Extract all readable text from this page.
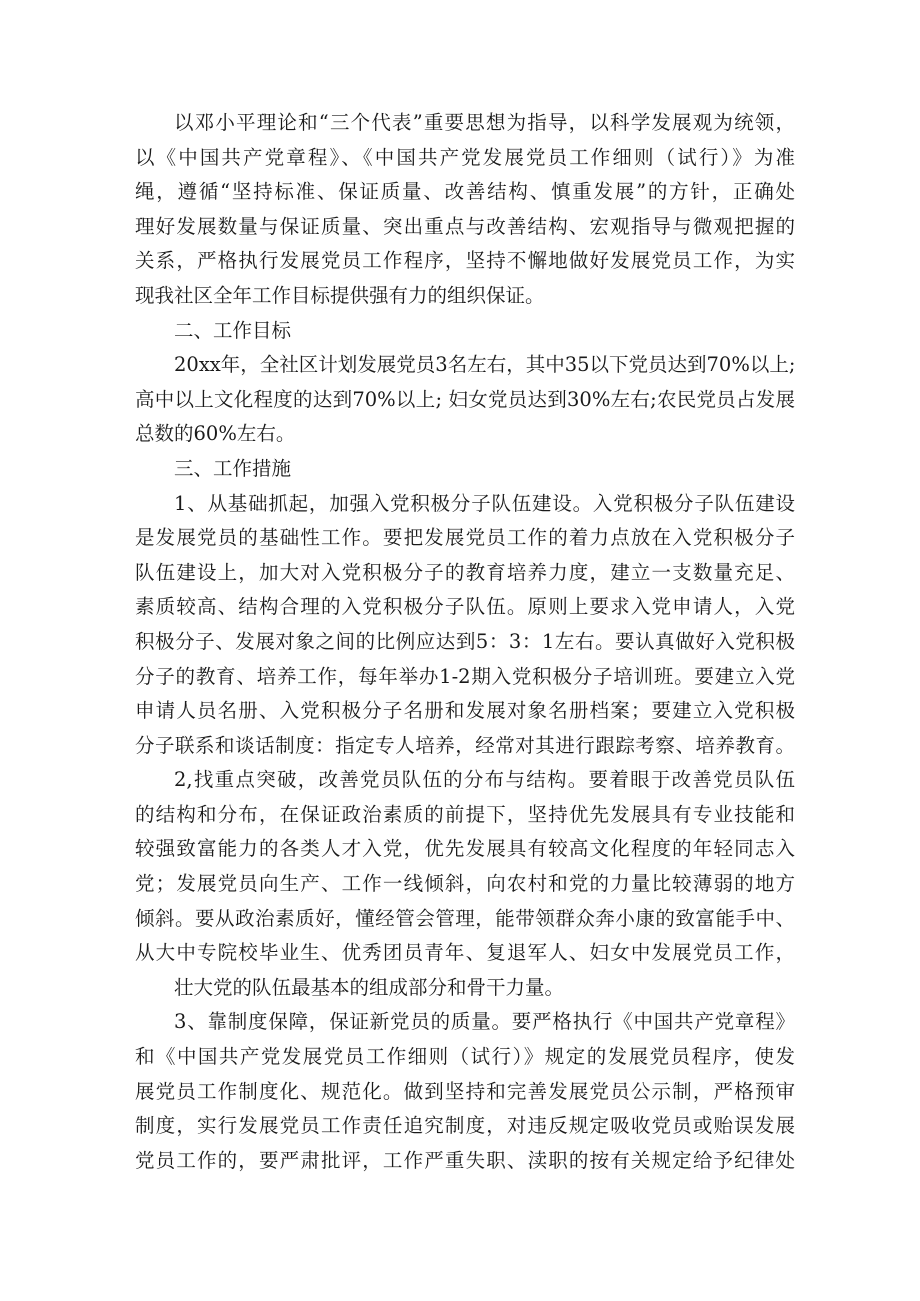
以邓小平理论和“三个代表”重要思想为指导，以科学发展观为统领，
以《中国共产党章程》、《中国共产党发展党员工作细则（试行）》为准
绳，遵循“坚持标准、保证质量、改善结构、慎重发展”的方针，正确处
理好发展数量与保证质量、突出重点与改善结构、宏观指导与微观把握的
关系，严格执行发展党员工作程序，坚持不懈地做好发展党员工作，为实
现我社区全年工作目标提供强有力的组织保证。
二、工作目标
20xx年，全社区计划发展党员3名左右，其中35以下党员达到70%以上;
高中以上文化程度的达到70%以上; 妇女党员达到30%左右;农民党员占发展
总数的60%左右。
三、工作措施
1、从基础抓起，加强入党积极分子队伍建设。入党积极分子队伍建设
是发展党员的基础性工作。要把发展党员工作的着力点放在入党积极分子
队伍建设上，加大对入党积极分子的教育培养力度，建立一支数量充足、
素质较高、结构合理的入党积极分子队伍。原则上要求入党申请人，入党
积极分子、发展对象之间的比例应达到5：3：1左右。要认真做好入党积极
分子的教育、培养工作，每年举办1-2期入党积极分子培训班。要建立入党
申请人员名册、入党积极分子名册和发展对象名册档案；要建立入党积极
分子联系和谈话制度：指定专人培养，经常对其进行跟踪考察、培养教育。
2,找重点突破，改善党员队伍的分布与结构。要着眼于改善党员队伍
的结构和分布，在保证政治素质的前提下，坚持优先发展具有专业技能和
较强致富能力的各类人才入党，优先发展具有较高文化程度的年轻同志入
党；发展党员向生产、工作一线倾斜，向农村和党的力量比较薄弱的地方
倾斜。要从政治素质好，懂经管会管理，能带领群众奔小康的致富能手中、
从大中专院校毕业生、优秀团员青年、复退军人、妇女中发展党员工作，
壮大党的队伍最基本的组成部分和骨干力量。
3、靠制度保障，保证新党员的质量。要严格执行《中国共产党章程》
和《中国共产党发展党员工作细则（试行）》规定的发展党员程序，使发
展党员工作制度化、规范化。做到坚持和完善发展党员公示制，严格预审
制度，实行发展党员工作责任追究制度，对违反规定吸收党员或贻误发展
党员工作的，要严肃批评，工作严重失职、渎职的按有关规定给予纪律处
